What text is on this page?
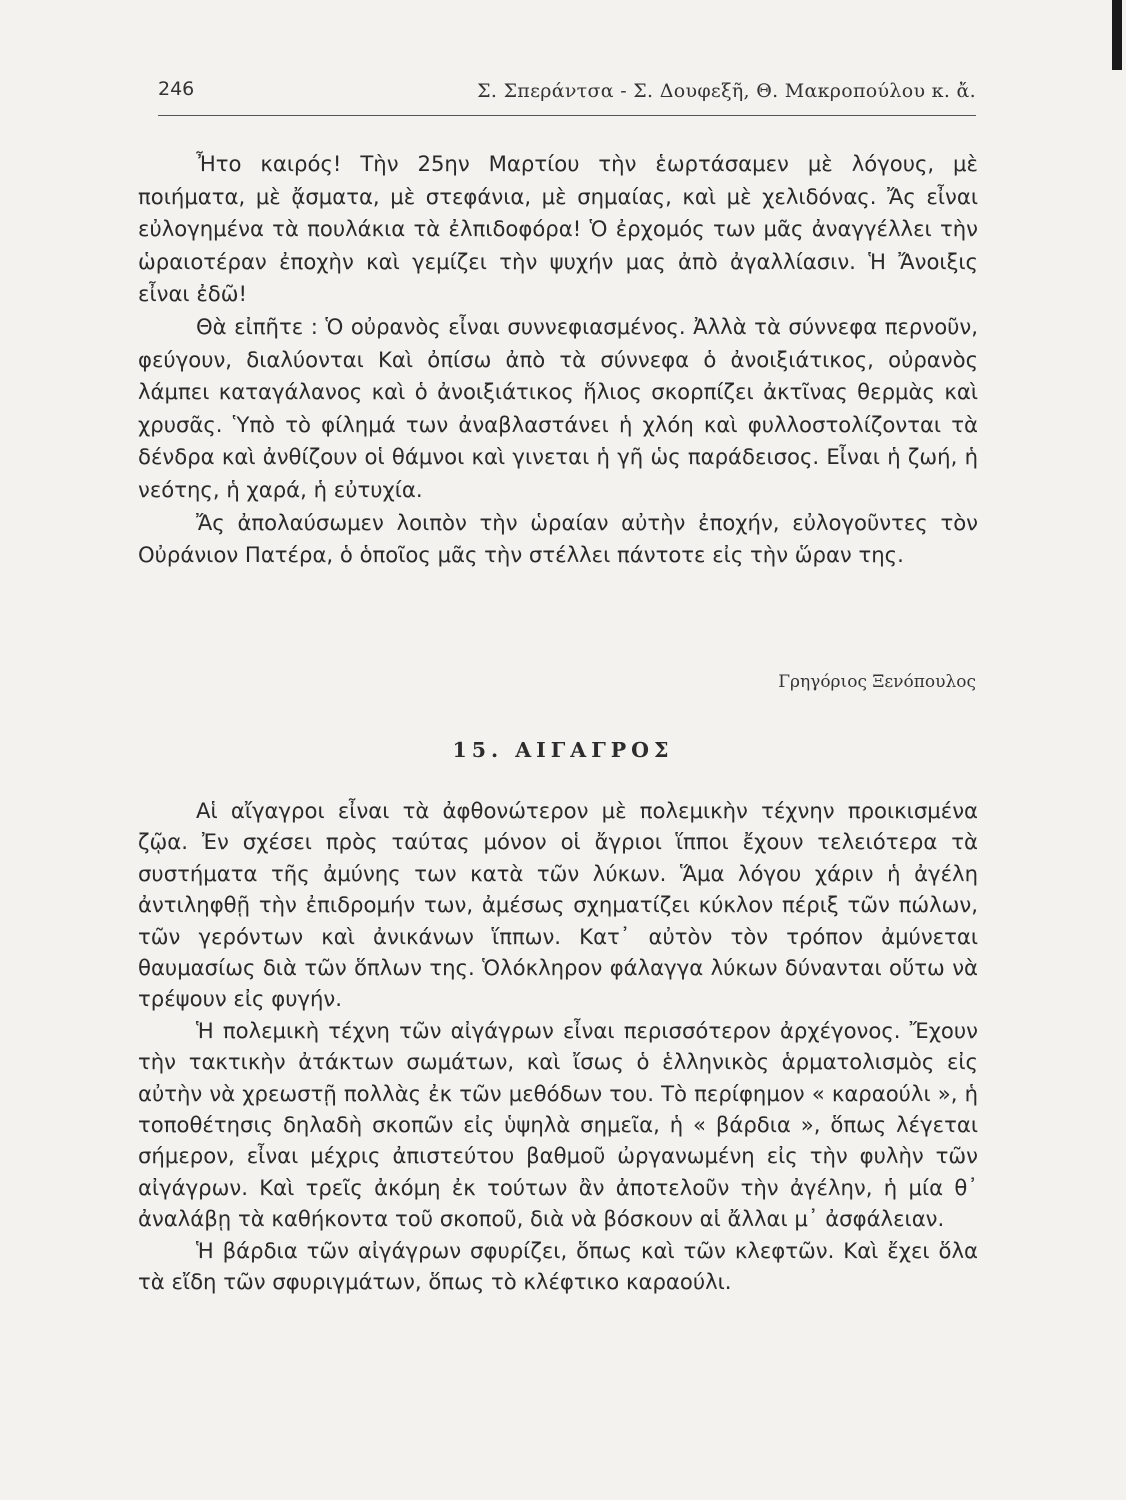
246	Σ. Σπεράντσα - Σ. Δουφεξῆ, Θ. Μακροπούλου κ. ἄ.

Ἦτο καιρός! Τὴν 25ην Μαρτίου τὴν ἑωρτάσαμεν μὲ λόγους, μὲ ποιήματα, μὲ ᾄσματα, μὲ στεφάνια, μὲ σημαίας, καὶ μὲ χελιδόνας. Ἄς εἶναι εὐλογημένα τὰ πουλάκια τὰ ἐλπιδοφόρα! Ὁ ἐρχομός των μᾶς ἀναγγέλλει τὴν ὡραιοτέραν ἐποχὴν καὶ γεμίζει τὴν ψυχήν μας ἀπὸ ἀγαλλίασιν. Ἡ Ἄνοιξις εἶναι ἐδῶ!

Θὰ εἰπῆτε : Ὁ οὐρανὸς εἶναι συννεφιασμένος. Ἀλλὰ τὰ σύννεφα περνοῦν, φεύγουν, διαλύονται Καὶ ὀπίσω ἀπὸ τὰ σύννεφα ὁ ἀνοιξιάτικος, οὐρανὸς λάμπει καταγάλανος καὶ ὁ ἀνοιξιάτικος ἥλιος σκορπίζει ἀκτῖνας θερμὰς καὶ χρυσᾶς. Ὑπὸ τὸ φίλημά των ἀναβλαστάνει ἡ χλόη καὶ φυλλοστολίζονται τὰ δένδρα καὶ ἀνθίζουν οἱ θάμνοι καὶ γινεται ἡ γῆ ὡς παράδεισος. Εἶναι ἡ ζωή, ἡ νεότης, ἡ χαρά, ἡ εὐτυχία.

Ἄς ἀπολαύσωμεν λοιπὸν τὴν ὡραίαν αὐτὴν ἐποχήν, εὐλογοῦντες τὸν Οὐράνιον Πατέρα, ὁ ὁποῖος μᾶς τὴν στέλλει πάντοτε εἰς τὴν ὥραν της.

Γρηγόριος Ξενόπουλος
15. ΑΙΓΑΓΡΟΣ

Αἱ αἴγαγροι εἶναι τὰ ἀφθονώτερον μὲ πολεμικὴν τέχνην προικισμένα ζῷα. Ἐν σχέσει πρὸς ταύτας μόνον οἱ ἄγριοι ἵπποι ἔχουν τελειότερα τὰ συστήματα τῆς ἀμύνης των κατὰ τῶν λύκων. Ἅμα λόγου χάριν ἡ ἀγέλη ἀντιληφθῇ τὴν ἐπιδρομήν των, ἀμέσως σχηματίζει κύκλον πέριξ τῶν πώλων, τῶν γερόντων καὶ ἀνικάνων ἵππων. Κατ᾽ αὐτὸν τὸν τρόπον ἀμύνεται θαυμασίως διὰ τῶν ὅπλων της. Ὁλόκληρον φάλαγγα λύκων δύνανται οὕτω νὰ τρέψουν εἰς φυγήν.

Ἡ πολεμικὴ τέχνη τῶν αἰγάγρων εἶναι περισσότερον ἀρχέγονος. Ἔχουν τὴν τακτικὴν ἀτάκτων σωμάτων, καὶ ἴσως ὁ ἑλληνικὸς ἁρματολισμὸς εἰς αὐτὴν νὰ χρεωστῇ πολλὰς ἐκ τῶν μεθόδων του. Τὸ περίφημον « καραούλι », ἡ τοποθέτησις δηλαδὴ σκοπῶν εἰς ὑψηλὰ σημεῖα, ἡ « βάρδια », ὅπως λέγεται σήμερον, εἶναι μέχρις ἀπιστεύτου βαθμοῦ ὠργανωμένη εἰς τὴν φυλὴν τῶν αἰγάγρων. Καὶ τρεῖς ἀκόμη ἐκ τούτων ἂν ἀποτελοῦν τὴν ἀγέλην, ἡ μία θ᾽ ἀναλάβῃ τὰ καθήκοντα τοῦ σκοποῦ, διὰ νὰ βόσκουν αἱ ἄλλαι μ᾽ ἀσφάλειαν.

Ἡ βάρδια τῶν αἰγάγρων σφυρίζει, ὅπως καὶ τῶν κλεφτῶν. Καὶ ἔχει ὅλα τὰ εἴδη τῶν σφυριγμάτων, ὅπως τὸ κλέφτικο καραούλι.
